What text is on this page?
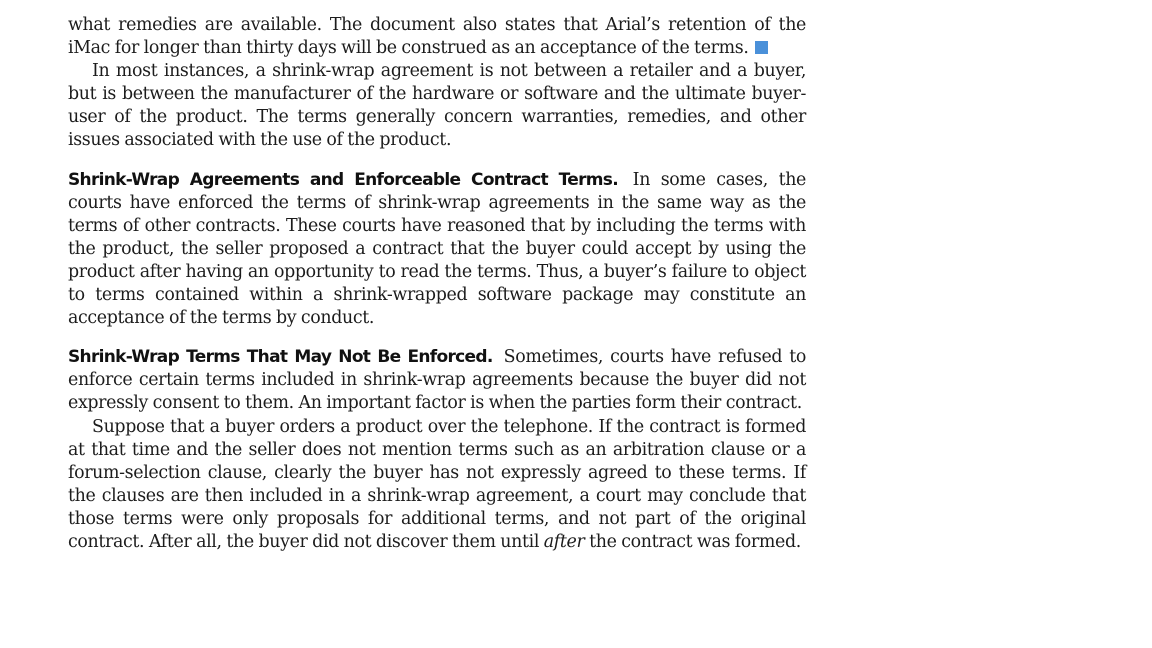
what remedies are available. The document also states that Arial’s retention of the iMac for longer than thirty days will be construed as an acceptance of the terms.

In most instances, a shrink-wrap agreement is not between a retailer and a buyer, but is between the manufacturer of the hardware or software and the ultimate buyer-user of the product. The terms generally concern warranties, remedies, and other issues associated with the use of the product.

Shrink-Wrap Agreements and Enforceable Contract Terms. In some cases, the courts have enforced the terms of shrink-wrap agreements in the same way as the terms of other contracts. These courts have reasoned that by including the terms with the product, the seller proposed a contract that the buyer could accept by using the product after having an opportunity to read the terms. Thus, a buyer’s failure to object to terms contained within a shrink-wrapped software package may constitute an acceptance of the terms by conduct.

Shrink-Wrap Terms That May Not Be Enforced. Sometimes, courts have refused to enforce certain terms included in shrink-wrap agreements because the buyer did not expressly consent to them. An important factor is when the parties form their contract.

Suppose that a buyer orders a product over the telephone. If the contract is formed at that time and the seller does not mention terms such as an arbitration clause or a forum-selection clause, clearly the buyer has not expressly agreed to these terms. If the clauses are then included in a shrink-wrap agreement, a court may conclude that those terms were only proposals for additional terms, and not part of the original contract. After all, the buyer did not discover them until after the contract was formed.
